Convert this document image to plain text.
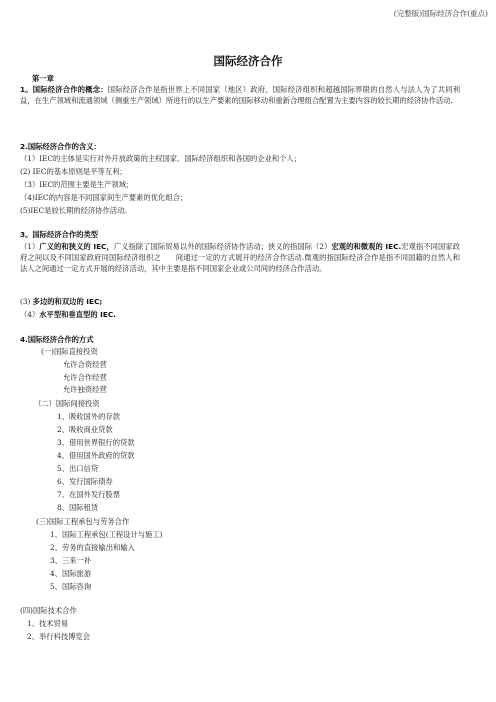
(完整版)国际经济合作(重点)
国际经济合作
第一章
1。国际经济合作的概念：国际经济合作是指世界上不同国家（地区）政府、国际经济组织和超越国际界限的自然人与法人为了共同利益，在生产领域和流通领域（侧重生产领域）所进行的以生产要素的国际移动和重新合理组合配置为主要内容的较长期的经济协作活动.
2.国际经济合作的含义：
（1）IEC的主体是实行对外开放政策的主权国家、国际经济组织和各国的企业和个人；
(2) IEC的基本原则是平等互利；
（3）IEC的范围主要是生产领域；
（4)IEC的内容是不同国家间生产要素的优化组合；
(5)IEC是较长期的经济协作活动。
3。国际经济合作的类型
（1）广义的和狭义的 IEC，广义指除了国际贸易以外的国际经济协作活动；狭义的指国际（2）宏观的和微观的 IEC.宏观指不同国家政府之间以及不同国家政府同国际经济组织之　　间通过一定的方式展开的经济合作活动.微观的指国际经济合作是指不同国籍的自然人和法人之间通过一定方式开展的经济活动，其中主要是指不同国家企业或公司间的经济合作活动。
(3) 多边的和双边的 IEC;
（4）水平型和垂直型的 IEC.
4.国际经济合作的方式
(一)国际直接投资
允许合资经营
允许合作经营
允许独资经营
（二）国际间接投资
1、吸收国外的存款
2、吸收商业贷款
3、借用世界银行的贷款
4、借用国外政府的贷款
5、出口信贷
6、发行国际债券
7、在国外发行股票
8、国际租赁
(三)国际工程承包与劳务合作
1、国际工程承包(工程设计与施工)
2、劳务的直接输出和输入
3、三来一补
4、国际旅游
5、国际咨询
(四)国际技术合作
1、技术贸易
2、举行科技博览会
